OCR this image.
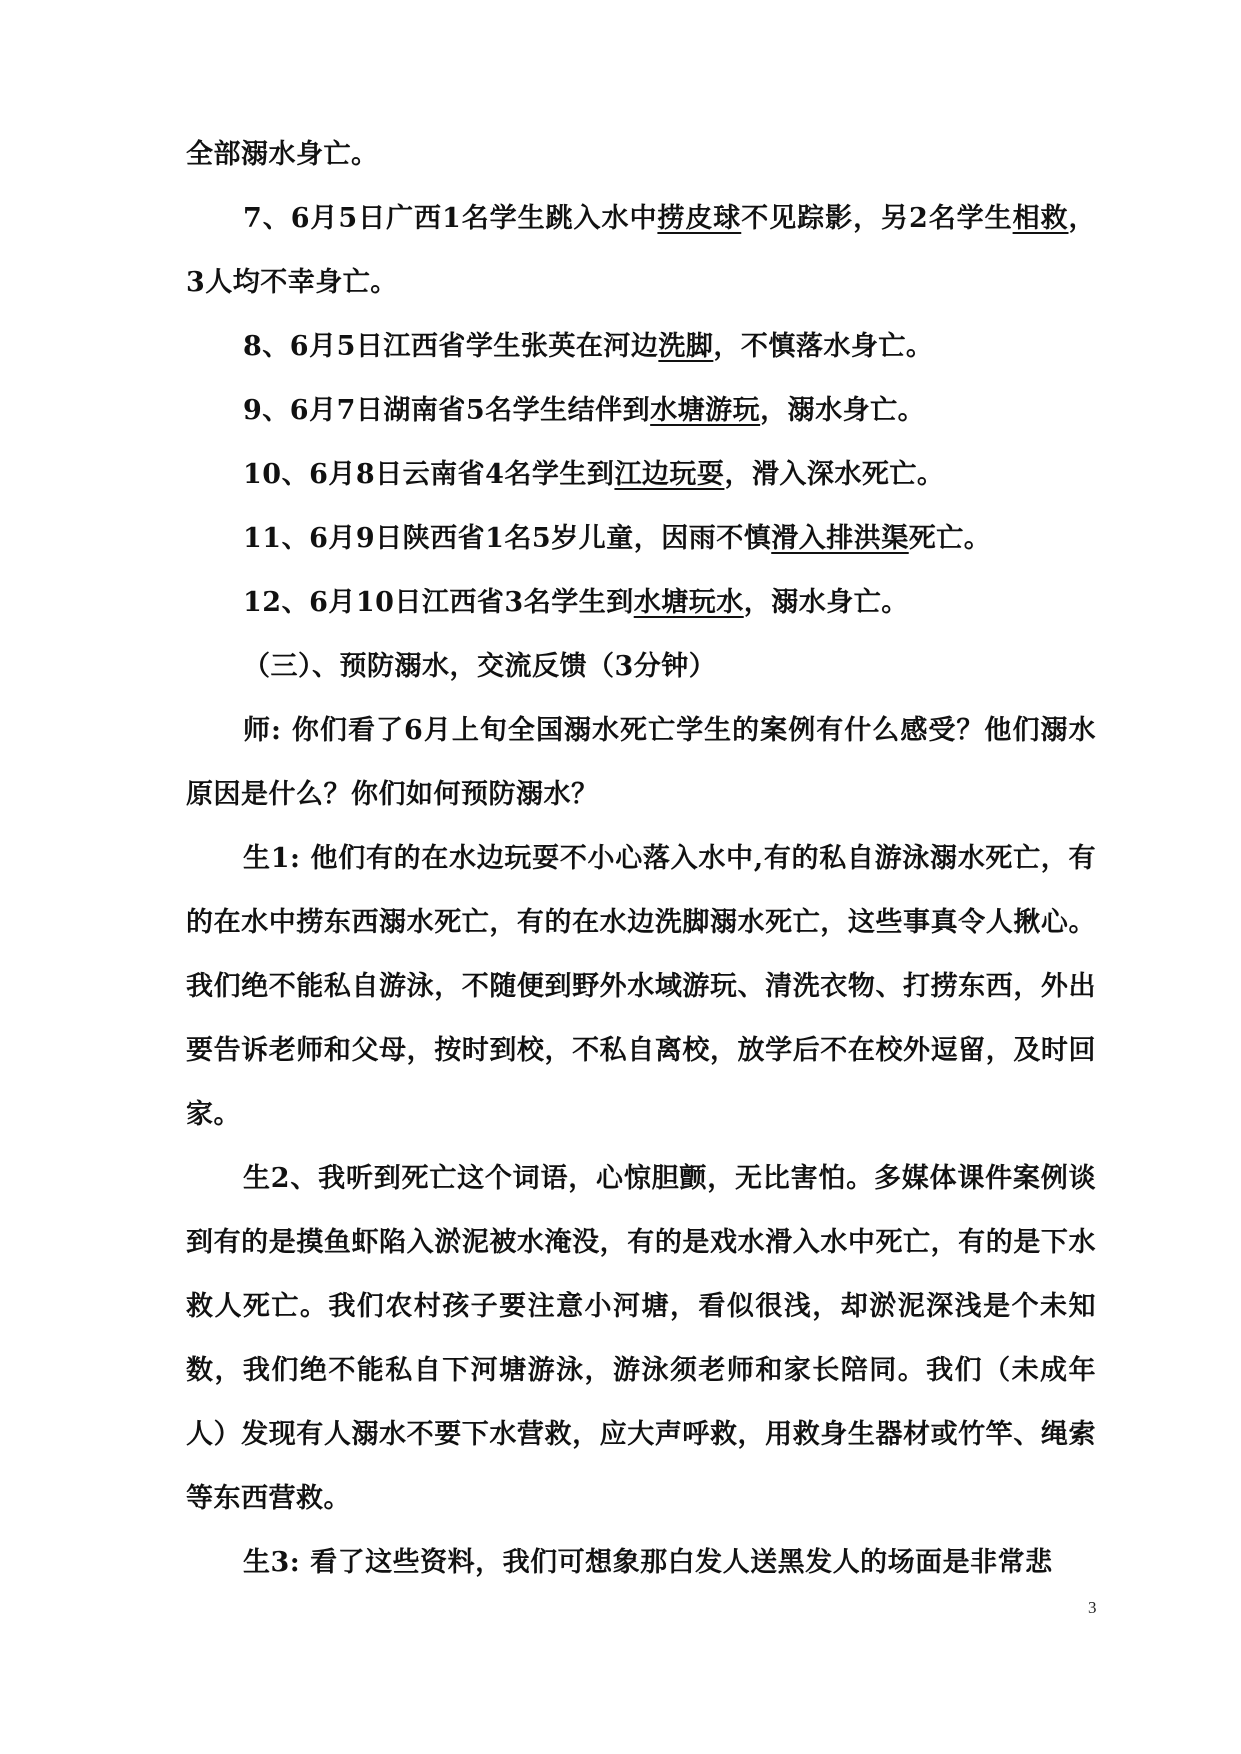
全部溺水身亡。

7、6月5日广西1名学生跳入水中捞皮球不见踪影，另2名学生相救，3人均不幸身亡。

8、6月5日江西省学生张英在河边洗脚，不慎落水身亡。

9、6月7日湖南省5名学生结伴到水塘游玩，溺水身亡。

10、6月8日云南省4名学生到江边玩耍，滑入深水死亡。

11、6月9日陕西省1名5岁儿童，因雨不慎滑入排洪渠死亡。

12、6月10日江西省3名学生到水塘玩水，溺水身亡。

（三）、预防溺水，交流反馈（3分钟）

师: 你们看了6月上旬全国溺水死亡学生的案例有什么感受？他们溺水原因是什么？你们如何预防溺水？

生1: 他们有的在水边玩耍不小心落入水中,有的私自游泳溺水死亡，有的在水中捞东西溺水死亡，有的在水边洗脚溺水死亡，这些事真令人揪心。我们绝不能私自游泳，不随便到野外水域游玩、清洗衣物、打捞东西，外出要告诉老师和父母，按时到校，不私自离校，放学后不在校外逗留，及时回家。

生2、我听到死亡这个词语，心惊胆颤，无比害怕。多媒体课件案例谈到有的是摸鱼虾陷入淤泥被水淹没，有的是戏水滑入水中死亡，有的是下水救人死亡。我们农村孩子要注意小河塘，看似很浅，却淤泥深浅是个未知数，我们绝不能私自下河塘游泳，游泳须老师和家长陪同。我们（未成年人）发现有人溺水不要下水营救，应大声呼救，用救身生器材或竹竿、绳索等东西营救。

生3: 看了这些资料，我们可想象那白发人送黑发人的场面是非常悲

3
